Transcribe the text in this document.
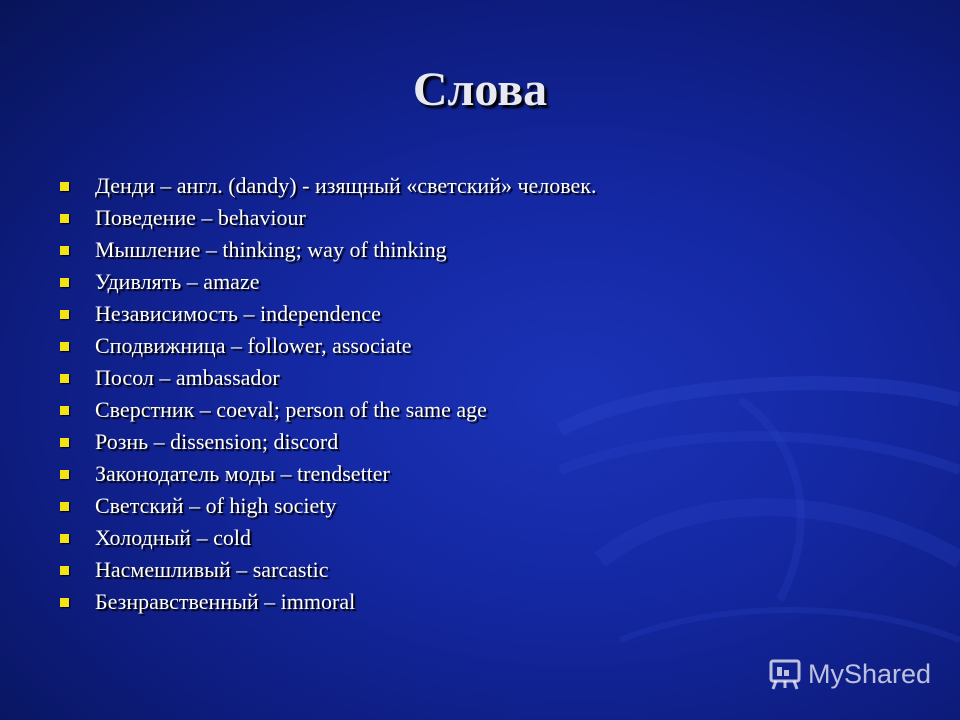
Слова
Денди – англ. (dandy) - изящный «светский» человек.
Поведение – behaviour
Мышление – thinking; way of thinking
Удивлять – amaze
Независимость – independence
Сподвижница – follower, associate
Посол – ambassador
Сверстник – coeval; person of the same age
Рознь – dissension; discord
Законодатель моды – trendsetter
Светский – of high society
Холодный – cold
Насмешливый – sarcastic
Безнравственный – immoral
MyShared
